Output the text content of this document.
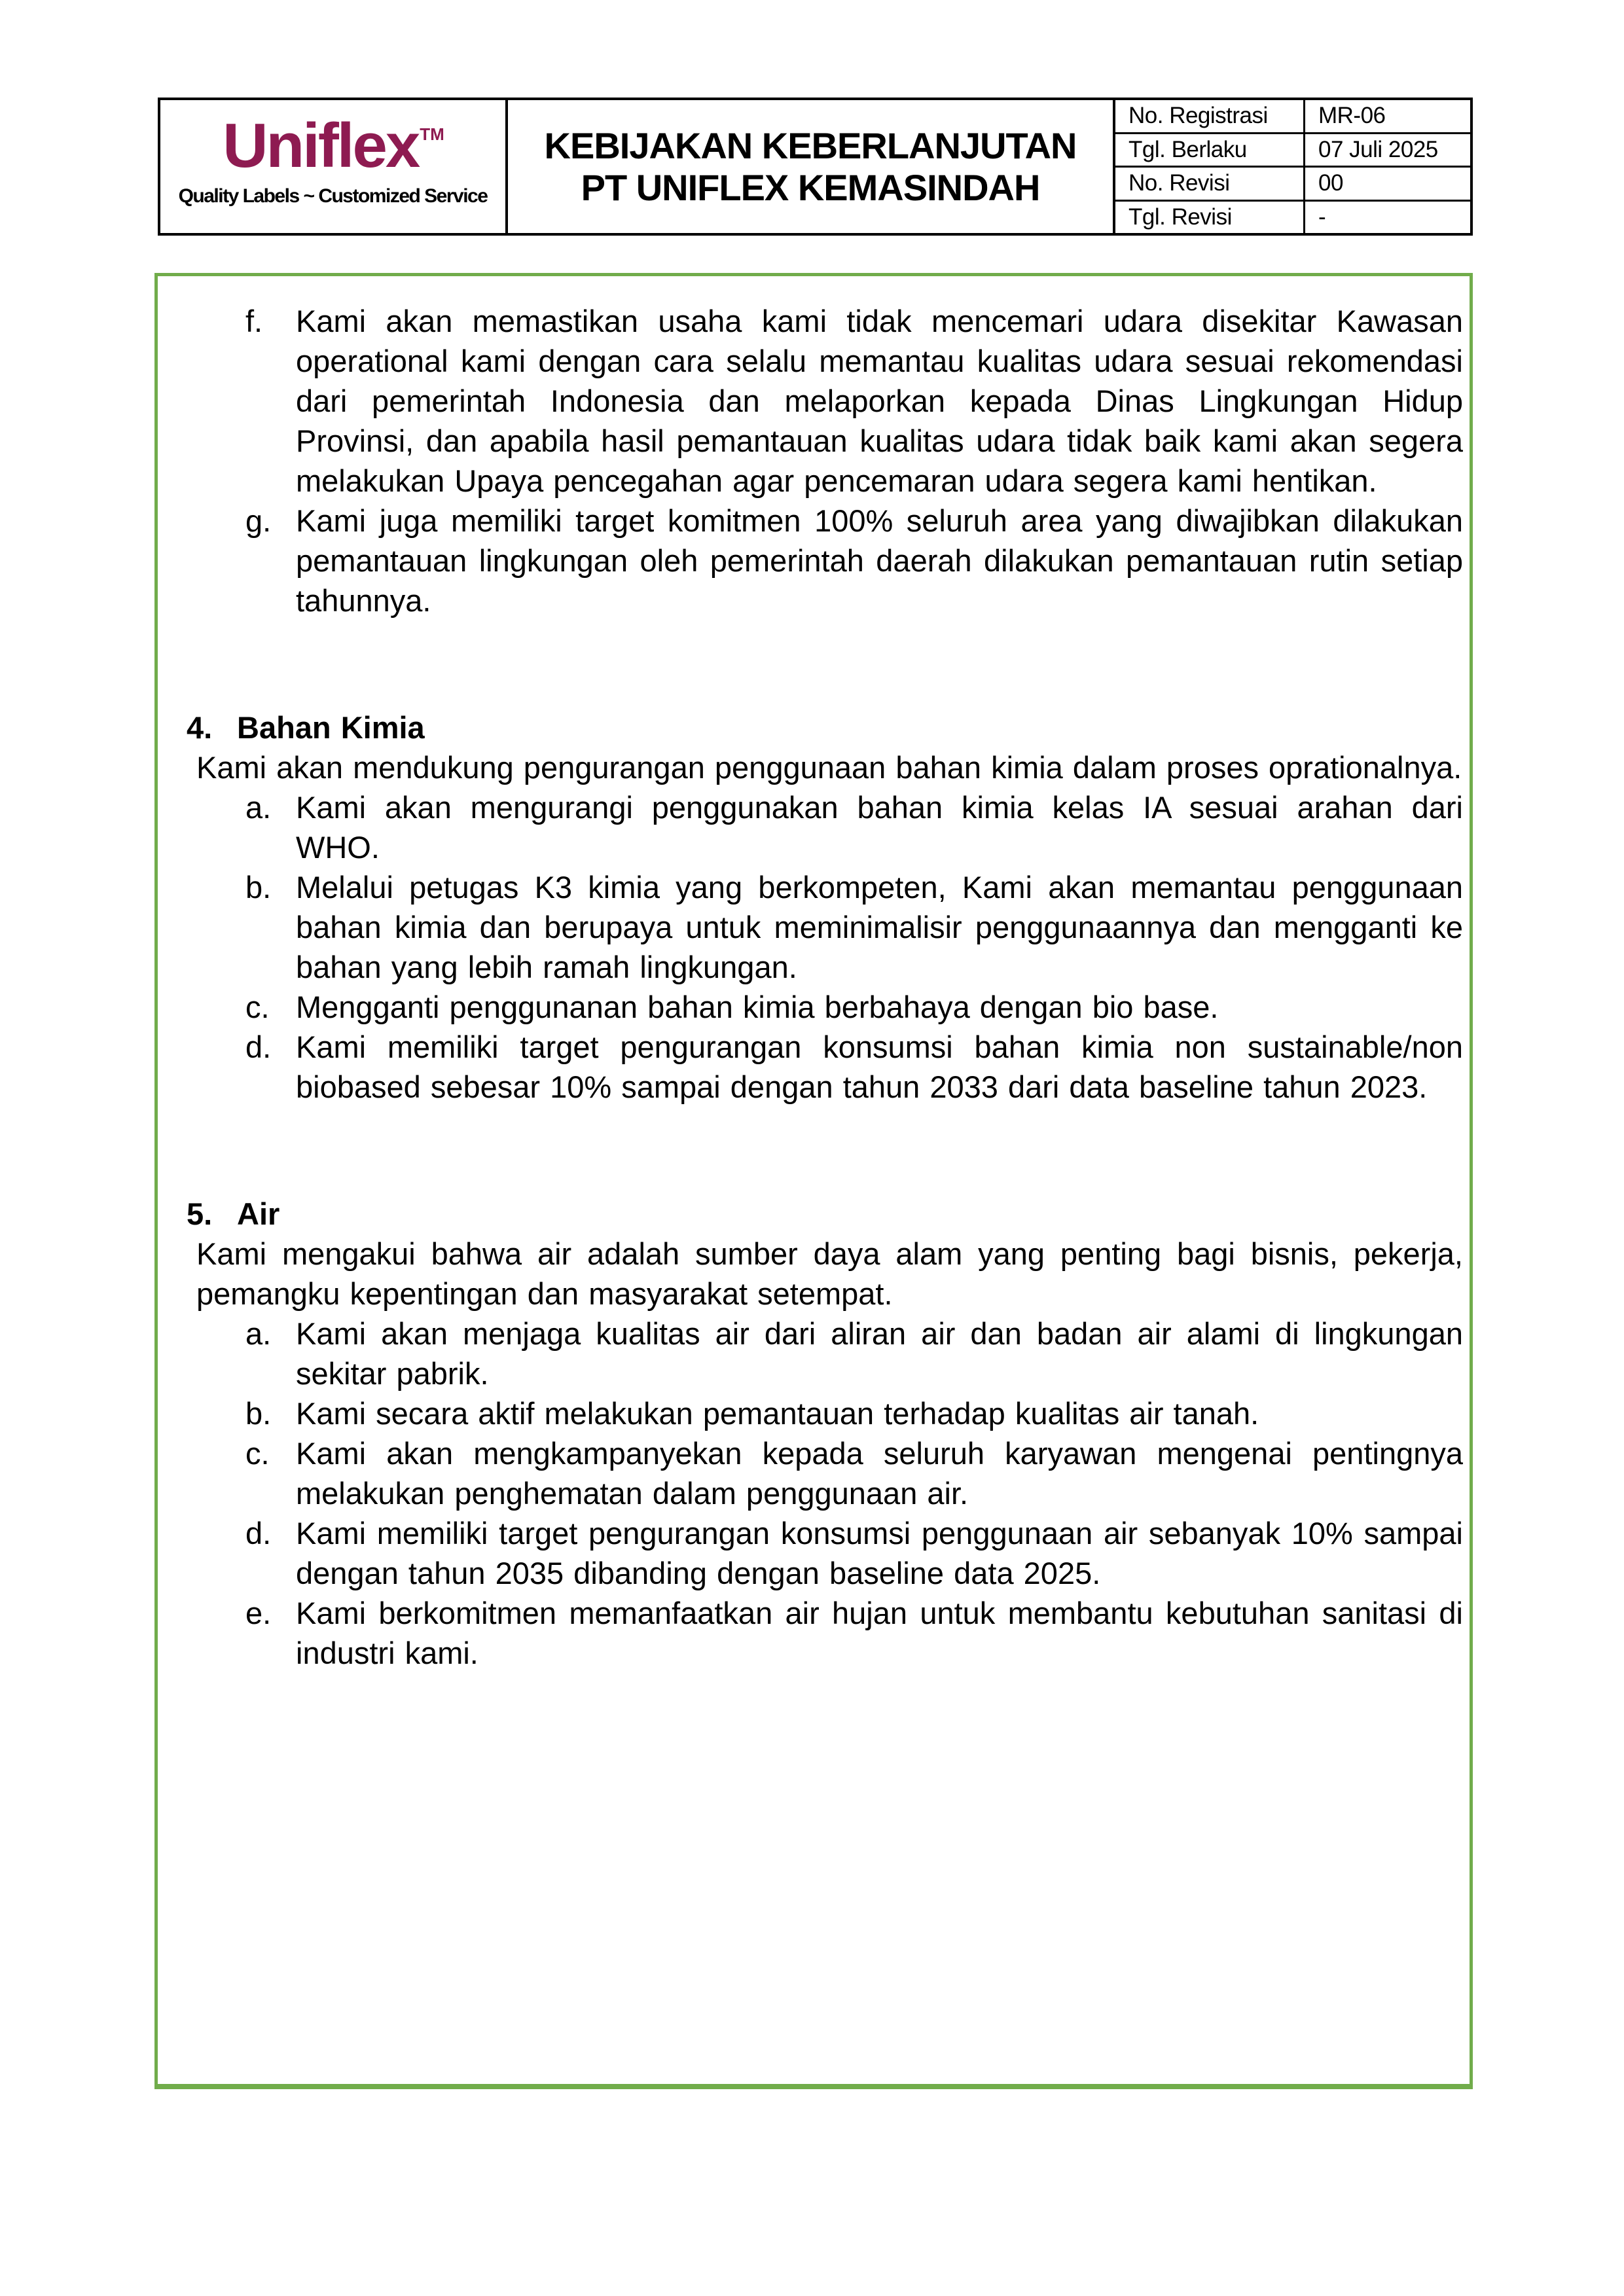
Uniflex™
Quality Labels ~ Customized Service
KEBIJAKAN KEBERLANJUTAN
PT UNIFLEX KEMASINDAH
No. Registrasi	MR-06
Tgl. Berlaku	07 Juli 2025
No. Revisi	00
Tgl. Revisi	-
f.	Kami akan memastikan usaha kami tidak mencemari udara disekitar Kawasan operational kami dengan cara selalu memantau kualitas udara sesuai rekomendasi dari pemerintah Indonesia dan melaporkan kepada Dinas Lingkungan Hidup Provinsi, dan apabila hasil pemantauan kualitas udara tidak baik kami akan segera melakukan Upaya pencegahan agar pencemaran udara segera kami hentikan.
g. Kami juga memiliki target komitmen 100% seluruh area yang diwajibkan dilakukan pemantauan lingkungan oleh pemerintah daerah dilakukan pemantauan rutin setiap tahunnya.
4. Bahan Kimia
Kami akan mendukung pengurangan penggunaan bahan kimia dalam proses oprationalnya.
a. Kami akan mengurangi penggunakan bahan kimia kelas IA sesuai arahan dari WHO.
b. Melalui petugas K3 kimia yang berkompeten, Kami akan memantau penggunaan bahan kimia dan berupaya untuk meminimalisir penggunaannya dan mengganti ke bahan yang lebih ramah lingkungan.
c. Mengganti penggunanan bahan kimia berbahaya dengan bio base.
d. Kami memiliki target pengurangan konsumsi bahan kimia non sustainable/non biobased sebesar 10% sampai dengan tahun 2033 dari data baseline tahun 2023.
5. Air
Kami mengakui bahwa air adalah sumber daya alam yang penting bagi bisnis, pekerja, pemangku kepentingan dan masyarakat setempat.
a. Kami akan menjaga kualitas air dari aliran air dan badan air alami di lingkungan sekitar pabrik.
b. Kami secara aktif melakukan pemantauan terhadap kualitas air tanah.
c. Kami akan mengkampanyekan kepada seluruh karyawan mengenai pentingnya melakukan penghematan dalam penggunaan air.
d. Kami memiliki target pengurangan konsumsi penggunaan air sebanyak 10% sampai dengan tahun 2035 dibanding dengan baseline data 2025.
e. Kami berkomitmen memanfaatkan air hujan untuk membantu kebutuhan sanitasi di industri kami.
